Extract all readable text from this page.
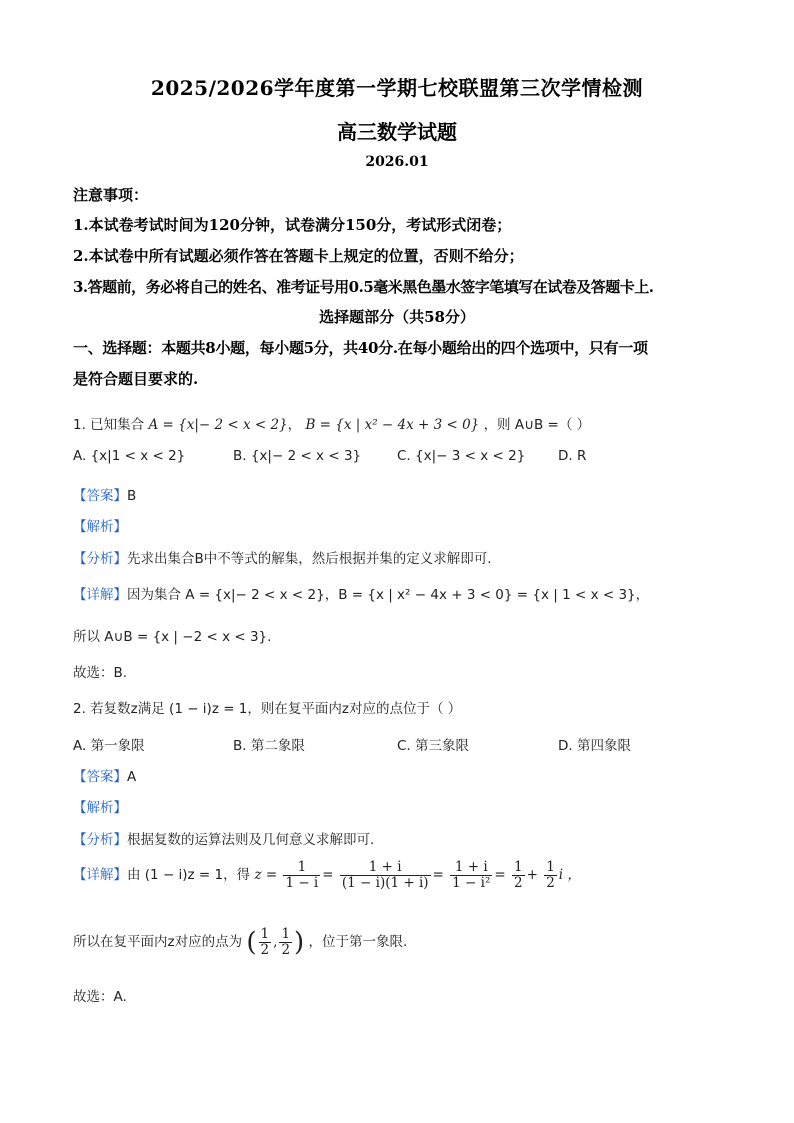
2025/2026学年度第一学期七校联盟第三次学情检测
高三数学试题
2026.01
注意事项：
1.本试卷考试时间为120分钟，试卷满分150分，考试形式闭卷；
2.本试卷中所有试题必须作答在答题卡上规定的位置，否则不给分；
3.答题前，务必将自己的姓名、准考证号用0.5毫米黑色墨水签字笔填写在试卷及答题卡上.
选择题部分（共58分）
一、选择题：本题共8小题，每小题5分，共40分.在每小题给出的四个选项中，只有一项
是符合题目要求的.
1. 已知集合 A = {x|− 2 < x < 2}， B = {x | x² − 4x + 3 < 0} ，则 A∪B =（ ）
A. {x|1 < x < 2}	B. {x|− 2 < x < 3}	C. {x|− 3 < x < 2} D. R
【答案】B
【解析】
【分析】先求出集合B中不等式的解集，然后根据并集的定义求解即可.
【详解】因为集合 A = {x|− 2 < x < 2}，B = {x | x² − 4x + 3 < 0} = {x | 1 < x < 3}，
所以 A∪B = {x | −2 < x < 3}.
故选：B.
2. 若复数z满足 (1 − i)z = 1，则在复平面内z对应的点位于（ ）
A. 第一象限	B. 第二象限	C. 第三象限	D. 第四象限
【答案】A
【解析】
【分析】根据复数的运算法则及几何意义求解即可.
【详解】由 (1 − i)z = 1，得 $z = \frac{1}{1 - i} = \frac{1 + i}{(1 - i)(1 + i)} = \frac{1 + i}{\text{1 − i²}} = \frac{1}{2} + \frac{1}{2}$ i ，
所以在复平面内z对应的点为 ( $\frac{1}{2}$ , $\frac{1}{2}$ ) ，位于第一象限.
故选：A.
